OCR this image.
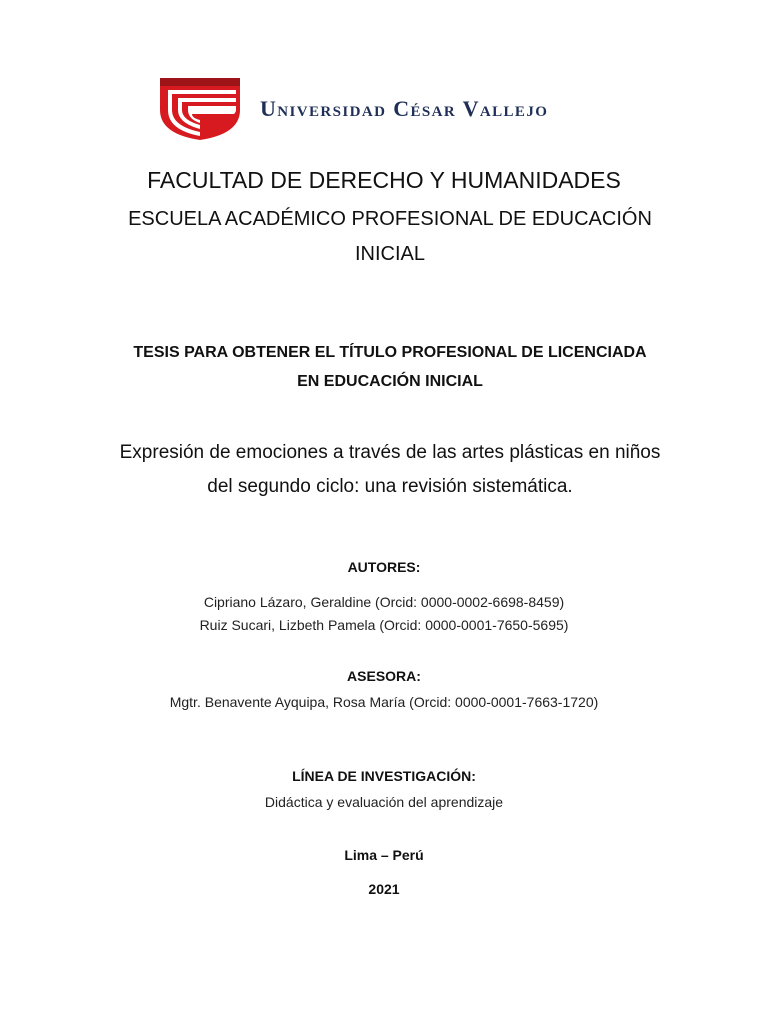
Universidad César Vallejo
FACULTAD DE DERECHO Y HUMANIDADES
ESCUELA ACADÉMICO PROFESIONAL DE EDUCACIÓN INICIAL
TESIS PARA OBTENER EL TÍTULO PROFESIONAL DE LICENCIADA EN EDUCACIÓN INICIAL
Expresión de emociones a través de las artes plásticas en niños del segundo ciclo: una revisión sistemática.
AUTORES:
Cipriano Lázaro, Geraldine (Orcid: 0000-0002-6698-8459)
Ruiz Sucari, Lizbeth Pamela (Orcid: 0000-0001-7650-5695)
ASESORA:
Mgtr. Benavente Ayquipa, Rosa María (Orcid: 0000-0001-7663-1720)
LÍNEA DE INVESTIGACIÓN:
Didáctica y evaluación del aprendizaje
Lima – Perú
2021
